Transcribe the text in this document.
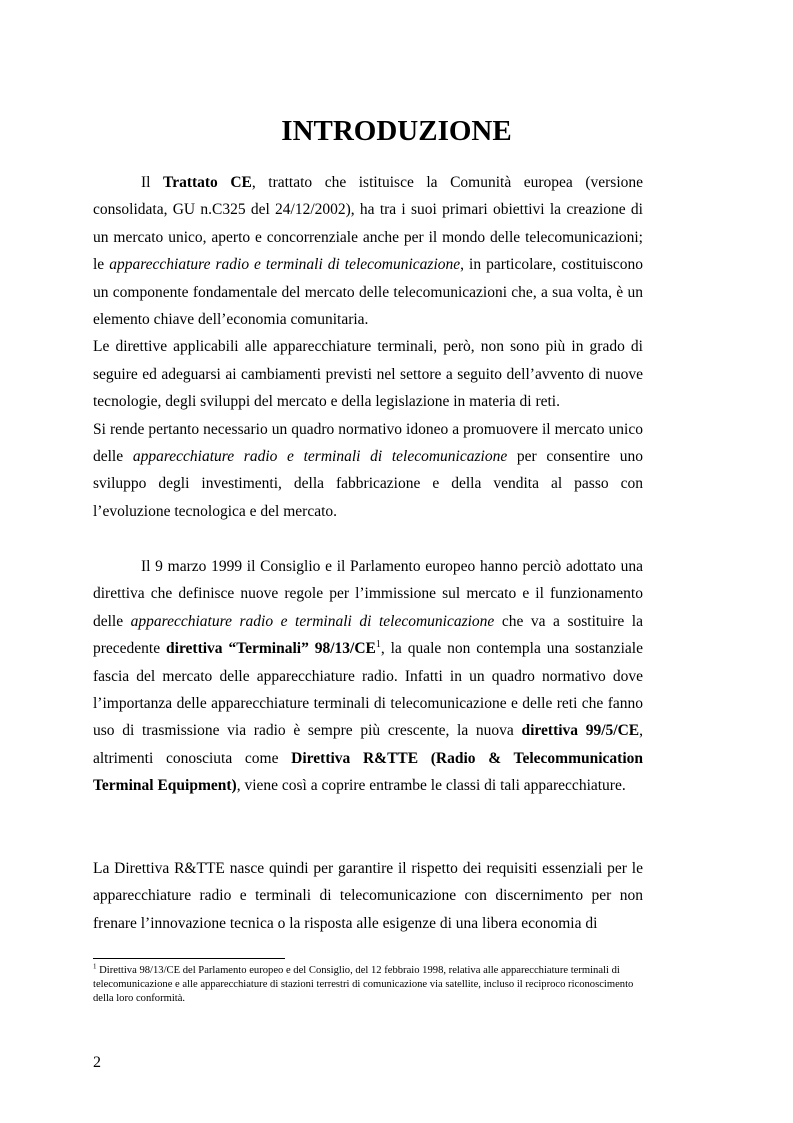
INTRODUZIONE

Il Trattato CE, trattato che istituisce la Comunità europea (versione consolidata, GU n.C325 del 24/12/2002), ha tra i suoi primari obiettivi la creazione di un mercato unico, aperto e concorrenziale anche per il mondo delle telecomunicazioni; le apparecchiature radio e terminali di telecomunicazione, in particolare, costituiscono un componente fondamentale del mercato delle telecomunicazioni che, a sua volta, è un elemento chiave dell’economia comunitaria.
Le direttive applicabili alle apparecchiature terminali, però, non sono più in grado di seguire ed adeguarsi ai cambiamenti previsti nel settore a seguito dell’avvento di nuove tecnologie, degli sviluppi del mercato e della legislazione in materia di reti.
Si rende pertanto necessario un quadro normativo idoneo a promuovere il mercato unico delle apparecchiature radio e terminali di telecomunicazione per consentire uno sviluppo degli investimenti, della fabbricazione e della vendita al passo con l’evoluzione tecnologica e del mercato.

Il 9 marzo 1999 il Consiglio e il Parlamento europeo hanno perciò adottato una direttiva che definisce nuove regole per l’immissione sul mercato e il funzionamento delle apparecchiature radio e terminali di telecomunicazione che va a sostituire la precedente direttiva “Terminali” $98/13/CE^1$, la quale non contempla una sostanziale fascia del mercato delle apparecchiature radio. Infatti in un quadro normativo dove l’importanza delle apparecchiature terminali di telecomunicazione e delle reti che fanno uso di trasmissione via radio è sempre più crescente, la nuova direttiva 99/5/CE, altrimenti conosciuta come Direttiva R&TTE (Radio & Telecommunication Terminal Equipment), viene così a coprire entrambe le classi di tali apparecchiature.

La Direttiva R&TTE nasce quindi per garantire il rispetto dei requisiti essenziali per le apparecchiature radio e terminali di telecomunicazione con discernimento per non frenare l’innovazione tecnica o la risposta alle esigenze di una libera economia di

$^1$ Direttiva 98/13/CE del Parlamento europeo e del Consiglio, del 12 febbraio 1998, relativa alle apparecchiature terminali di telecomunicazione e alle apparecchiature di stazioni terrestri di comunicazione via satellite, incluso il reciproco riconoscimento della loro conformità.

2
